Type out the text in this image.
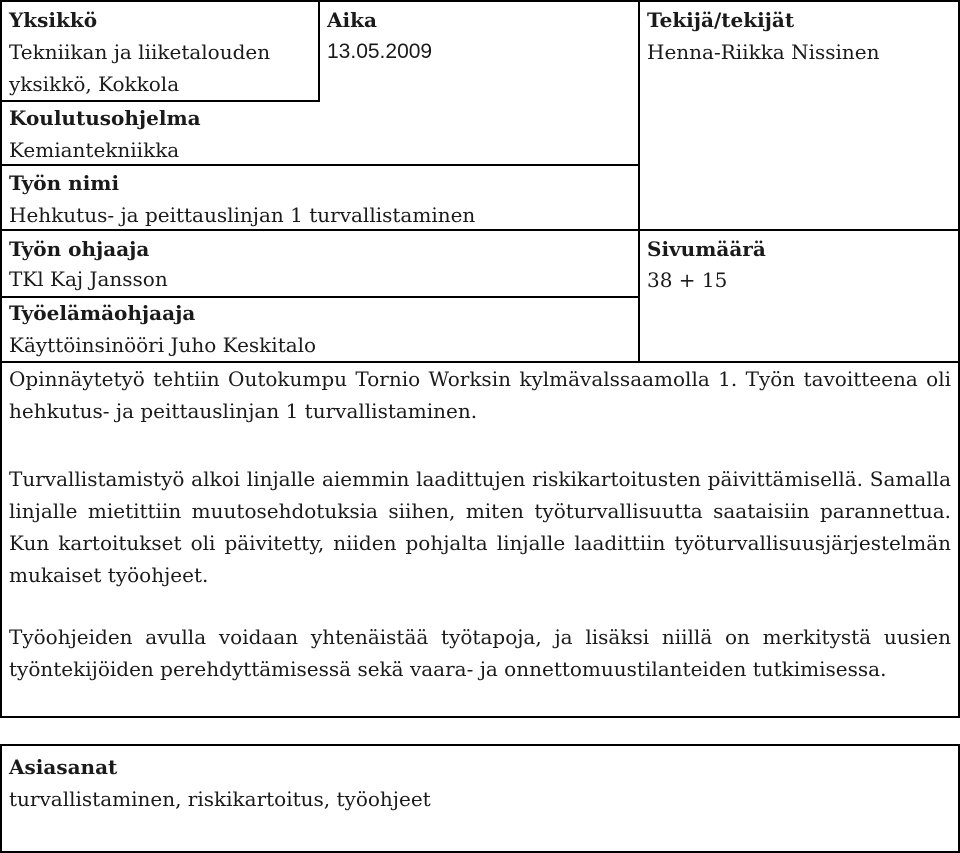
Yksikkö
Tekniikan ja liiketalouden
yksikkö, Kokkola
Aika
13.05.2009
Tekijä/tekijät
Henna-Riikka Nissinen
Koulutusohjelma
Kemiantekniikka
Työn nimi
Hehkutus- ja peittauslinjan 1 turvallistaminen
Työn ohjaaja
TKl Kaj Jansson
Sivumäärä
38 + 15
Työelämäohjaaja
Käyttöinsinööri Juho Keskitalo
Opinnäytetyö tehtiin Outokumpu Tornio Worksin kylmävalssaamolla 1. Työn tavoitteena oli hehkutus- ja peittauslinjan 1 turvallistaminen.
Turvallistamistyö alkoi linjalle aiemmin laadittujen riskikartoitusten päivittämisellä. Samalla linjalle mietittiin muutosehdotuksia siihen, miten työturvallisuutta saataisiin parannettua. Kun kartoitukset oli päivitetty, niiden pohjalta linjalle laadittiin työturvallisuusjärjestelmän mukaiset työohjeet.
Työohjeiden avulla voidaan yhtenäistää työtapoja, ja lisäksi niillä on merkitystä uusien työntekijöiden perehdyttämisessä sekä vaara- ja onnettomuustilanteiden tutkimisessa.
Asiasanat
turvallistaminen, riskikartoitus, työohjeet
